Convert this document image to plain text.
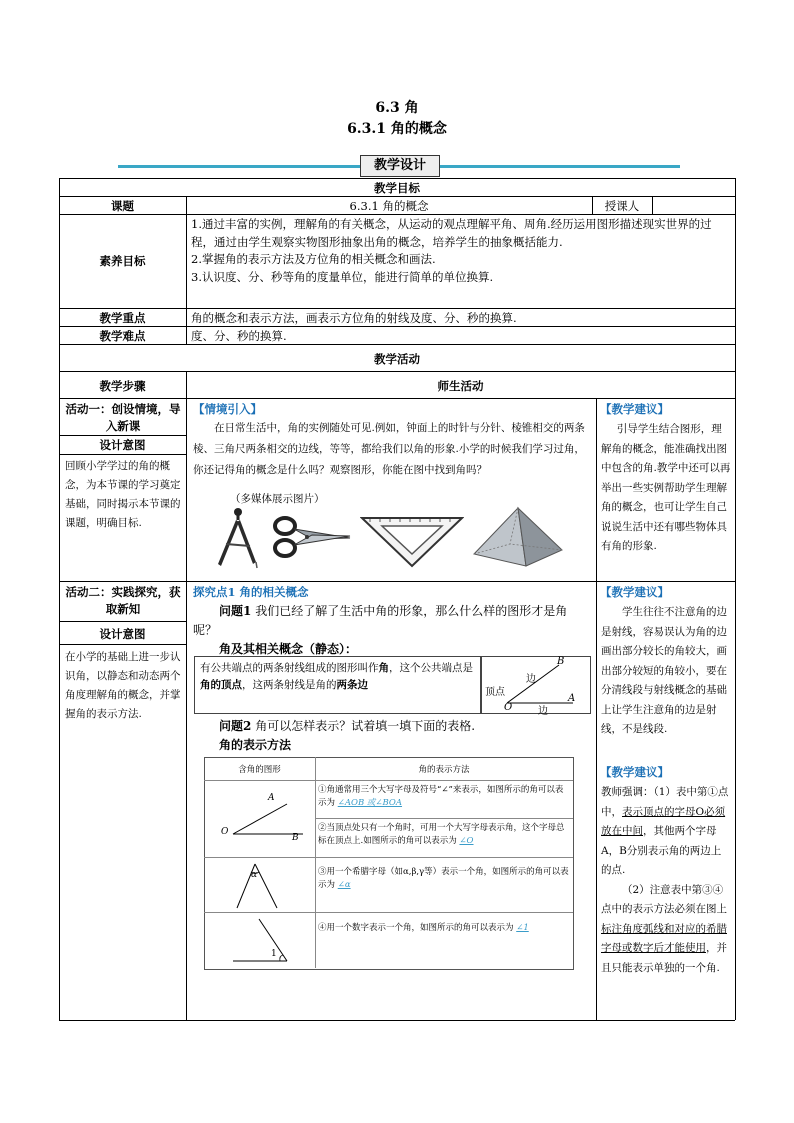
6.3 角
6.3.1 角的概念
教学设计
教学目标
课题	6.3.1 角的概念	授课人
素养目标
1.通过丰富的实例，理解角的有关概念，从运动的观点理解平角、周角.经历运用图形描述现实世界的过程，通过由学生观察实物图形抽象出角的概念，培养学生的抽象概括能力.
2.掌握角的表示方法及方位角的相关概念和画法.
3.认识度、分、秒等角的度量单位，能进行简单的单位换算.
教学重点	角的概念和表示方法，画表示方位角的射线及度、分、秒的换算.
教学难点	度、分、秒的换算.
教学活动
教学步骤	师生活动
活动一：创设情境，导入新课
设计意图
回顾小学学过的角的概念，为本节课的学习奠定基础，同时揭示本节课的课题，明确目标.
【情境引入】
在日常生活中，角的实例随处可见.例如，钟面上的时针与分针、棱锥相交的两条棱、三角尺两条相交的边线，等等，都给我们以角的形象.小学的时候我们学习过角，你还记得角的概念是什么吗？观察图形，你能在图中找到角吗？
（多媒体展示图片）
【教学建议】
引导学生结合图形，理解角的概念，能准确找出图中包含的角.教学中还可以再举出一些实例帮助学生理解角的概念，也可让学生自己说说生活中还有哪些物体具有角的形象.
活动二：实践探究，获取新知
设计意图
在小学的基础上进一步认识角，以静态和动态两个角度理解角的概念，并掌握角的表示方法.
探究点1 角的相关概念
问题1 我们已经了解了生活中角的形象，那么什么样的图形才是角呢？
角及其相关概念（静态）：
有公共端点的两条射线组成的图形叫作角，这个公共端点是角的顶点，这两条射线是角的两条边
B
边
顶点
A
O	边
问题2 角可以怎样表示？试着填一填下面的表格.
角的表示方法
含角的图形	角的表示方法
①角通常用三个大写字母及符号“∠”来表示，如图所示的角可以表示为 ∠AOB 或∠BOA
②当顶点处只有一个角时，可用一个大写字母表示角，这个字母总标在顶点上.如图所示的角可以表示为 ∠O
③用一个希腊字母（如α,β,γ等）表示一个角，如图所示的角可以表示为 ∠α
④用一个数字表示一个角，如图所示的角可以表示为 ∠1
A
O
B
α
1
【教学建议】
学生往往不注意角的边是射线，容易误认为角的边画出部分较长的角较大，画出部分较短的角较小，要在分清线段与射线概念的基础上让学生注意角的边是射线，不是线段.
【教学建议】
教师强调：（1）表中第①点中，表示顶点的字母O必须放在中间，其他两个字母A，B分别表示角的两边上的点.
（2）注意表中第③④点中的表示方法必须在图上标注角度弧线和对应的希腊字母或数字后才能使用，并且只能表示单独的一个角.
